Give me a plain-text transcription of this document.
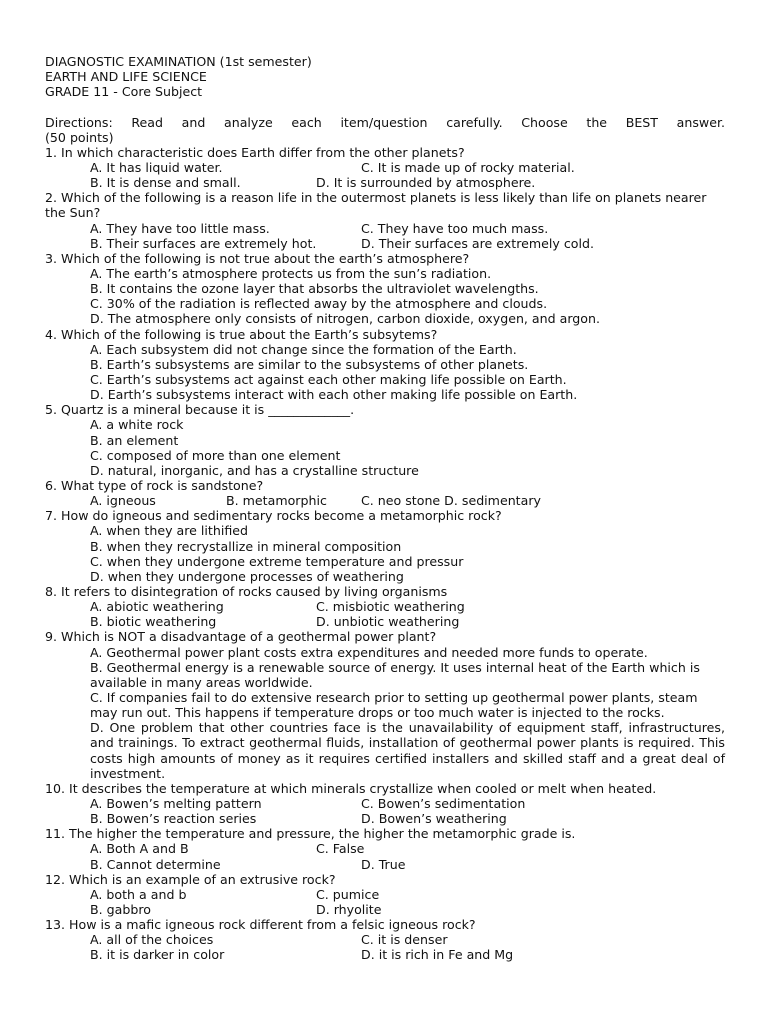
DIAGNOSTIC EXAMINATION (1st semester)
EARTH AND LIFE SCIENCE
GRADE 11 - Core Subject
Directions: Read and analyze each item/question carefully. Choose the BEST answer.
(50 points)
1. In which characteristic does Earth differ from the other planets?
A. It has liquid water.	C. It is made up of rocky material.
B. It is dense and small.	D. It is surrounded by atmosphere.
2. Which of the following is a reason life in the outermost planets is less likely than life on planets nearer the Sun?
A. They have too little mass.	C. They have too much mass.
B. Their surfaces are extremely hot.	D. Their surfaces are extremely cold.
3. Which of the following is not true about the earth’s atmosphere?
A. The earth’s atmosphere protects us from the sun’s radiation.
B. It contains the ozone layer that absorbs the ultraviolet wavelengths.
C. 30% of the radiation is reflected away by the atmosphere and clouds.
D. The atmosphere only consists of nitrogen, carbon dioxide, oxygen, and argon.
4. Which of the following is true about the Earth’s subsytems?
A. Each subsystem did not change since the formation of the Earth.
B. Earth’s subsystems are similar to the subsystems of other planets.
C. Earth’s subsystems act against each other making life possible on Earth.
D. Earth’s subsystems interact with each other making life possible on Earth.
5. Quartz is a mineral because it is _____________.
A. a white rock
B. an element
C. composed of more than one element
D. natural, inorganic, and has a crystalline structure
6. What type of rock is sandstone?
A. igneous	B. metamorphic	C. neo stone D. sedimentary
7. How do igneous and sedimentary rocks become a metamorphic rock?
A. when they are lithified
B. when they recrystallize in mineral composition
C. when they undergone extreme temperature and pressur
D. when they undergone processes of weathering
8. It refers to disintegration of rocks caused by living organisms
A. abiotic weathering	C. misbiotic weathering
B. biotic weathering	D. unbiotic weathering
9. Which is NOT a disadvantage of a geothermal power plant?
A. Geothermal power plant costs extra expenditures and needed more funds to operate.
B. Geothermal energy is a renewable source of energy. It uses internal heat of the Earth which is available in many areas worldwide.
C. If companies fail to do extensive research prior to setting up geothermal power plants, steam may run out. This happens if temperature drops or too much water is injected to the rocks.
D. One problem that other countries face is the unavailability of equipment staff, infrastructures, and trainings. To extract geothermal fluids, installation of geothermal power plants is required. This costs high amounts of money as it requires certified installers and skilled staff and a great deal of investment.
10. It describes the temperature at which minerals crystallize when cooled or melt when heated.
A. Bowen’s melting pattern	C. Bowen’s sedimentation
B. Bowen’s reaction series	D. Bowen’s weathering
11. The higher the temperature and pressure, the higher the metamorphic grade is.
A. Both A and B	C. False
B. Cannot determine	D. True
12. Which is an example of an extrusive rock?
A. both a and b	C. pumice
B. gabbro	D. rhyolite
13. How is a mafic igneous rock different from a felsic igneous rock?
A. all of the choices	C. it is denser
B. it is darker in color	D. it is rich in Fe and Mg
